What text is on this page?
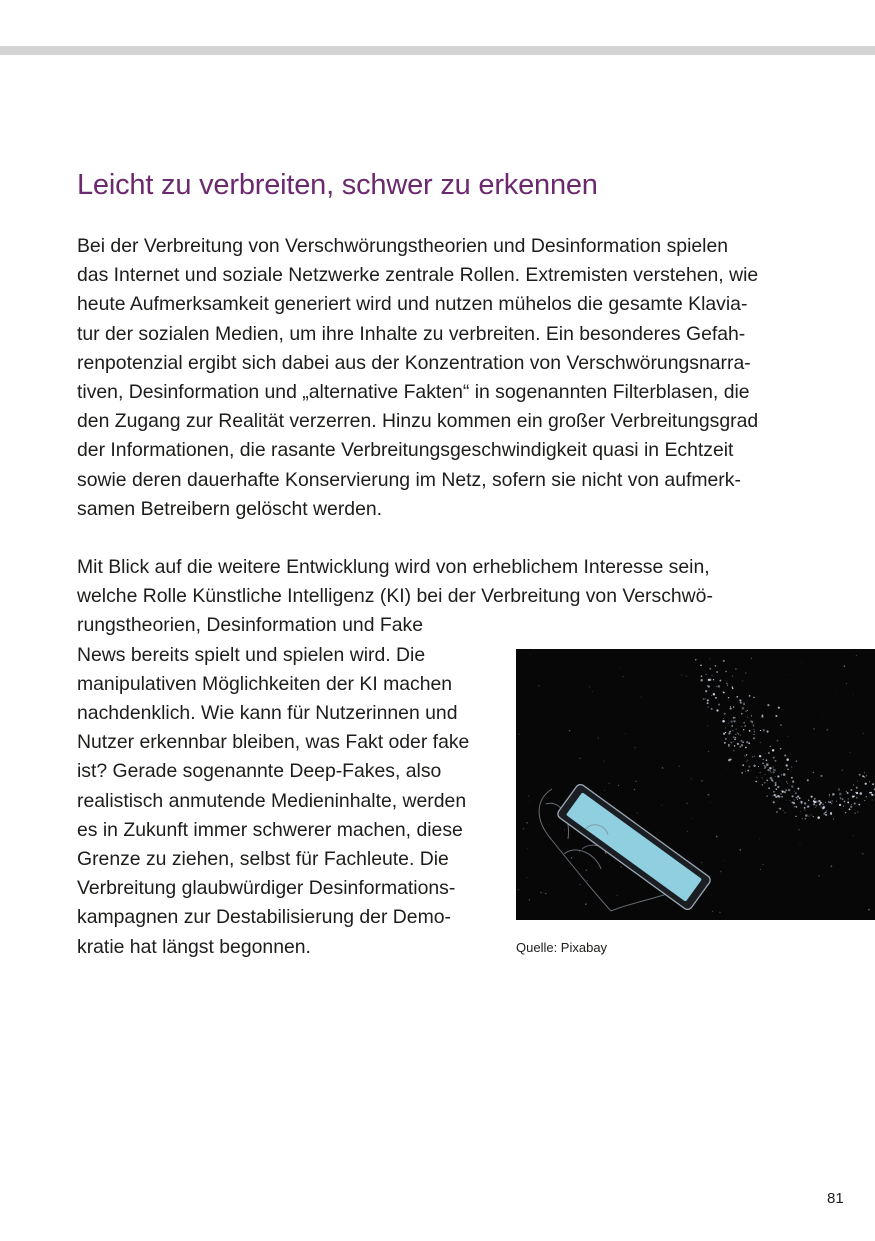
Leicht zu verbreiten, schwer zu erkennen
Bei der Verbreitung von Verschwörungstheorien und Desinformation spielen
das Internet und soziale Netzwerke zentrale Rollen. Extremisten verstehen, wie
heute Aufmerksamkeit generiert wird und nutzen mühelos die gesamte Klavia-
tur der sozialen Medien, um ihre Inhalte zu verbreiten. Ein besonderes Gefah-
renpotenzial ergibt sich dabei aus der Konzentration von Verschwörungsnarra-
tiven, Desinformation und „alternative Fakten“ in sogenannten Filterblasen, die
den Zugang zur Realität verzerren. Hinzu kommen ein großer Verbreitungsgrad
der Informationen, die rasante Verbreitungsgeschwindigkeit quasi in Echtzeit
sowie deren dauerhafte Konservierung im Netz, sofern sie nicht von aufmerk-
samen Betreibern gelöscht werden.
Mit Blick auf die weitere Entwicklung wird von erheblichem Interesse sein,
welche Rolle Künstliche Intelligenz (KI) bei der Verbreitung von Verschwö-
rungstheorien, Desinformation und Fake
News bereits spielt und spielen wird. Die
manipulativen Möglichkeiten der KI machen
nachdenklich. Wie kann für Nutzerinnen und
Nutzer erkennbar bleiben, was Fakt oder fake
ist? Gerade sogenannte Deep-Fakes, also
realistisch anmutende Medieninhalte, werden
es in Zukunft immer schwerer machen, diese
Grenze zu ziehen, selbst für Fachleute. Die
Verbreitung glaubwürdiger Desinformations-
kampagnen zur Destabilisierung der Demo-
kratie hat längst begonnen.	Quelle: Pixabay
81
